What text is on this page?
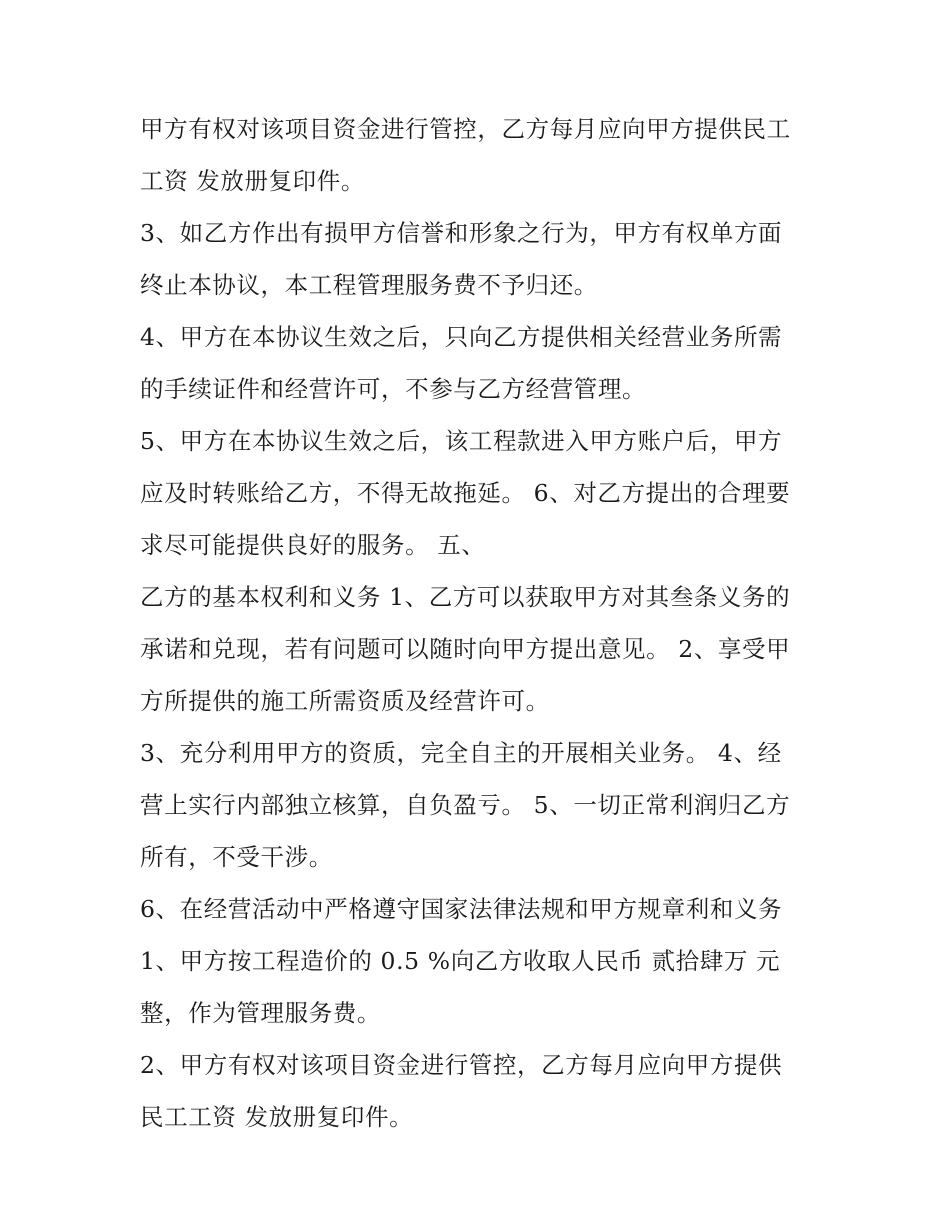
甲方有权对该项目资金进行管控，乙方每月应向甲方提供民工
工资 发放册复印件。
3、如乙方作出有损甲方信誉和形象之行为，甲方有权单方面
终止本协议，本工程管理服务费不予归还。
4、甲方在本协议生效之后，只向乙方提供相关经营业务所需
的手续证件和经营许可，不参与乙方经营管理。
5、甲方在本协议生效之后，该工程款进入甲方账户后，甲方
应及时转账给乙方，不得无故拖延。 6、对乙方提出的合理要
求尽可能提供良好的服务。 五、
乙方的基本权利和义务 1、乙方可以获取甲方对其叁条义务的
承诺和兑现，若有问题可以随时向甲方提出意见。 2、享受甲
方所提供的施工所需资质及经营许可。
3、充分利用甲方的资质，完全自主的开展相关业务。 4、经
营上实行内部独立核算，自负盈亏。 5、一切正常利润归乙方
所有，不受干涉。
6、在经营活动中严格遵守国家法律法规和甲方规章利和义务
1、甲方按工程造价的 0.5 %向乙方收取人民币 贰拾肆万 元
整，作为管理服务费。
2、甲方有权对该项目资金进行管控，乙方每月应向甲方提供
民工工资 发放册复印件。
